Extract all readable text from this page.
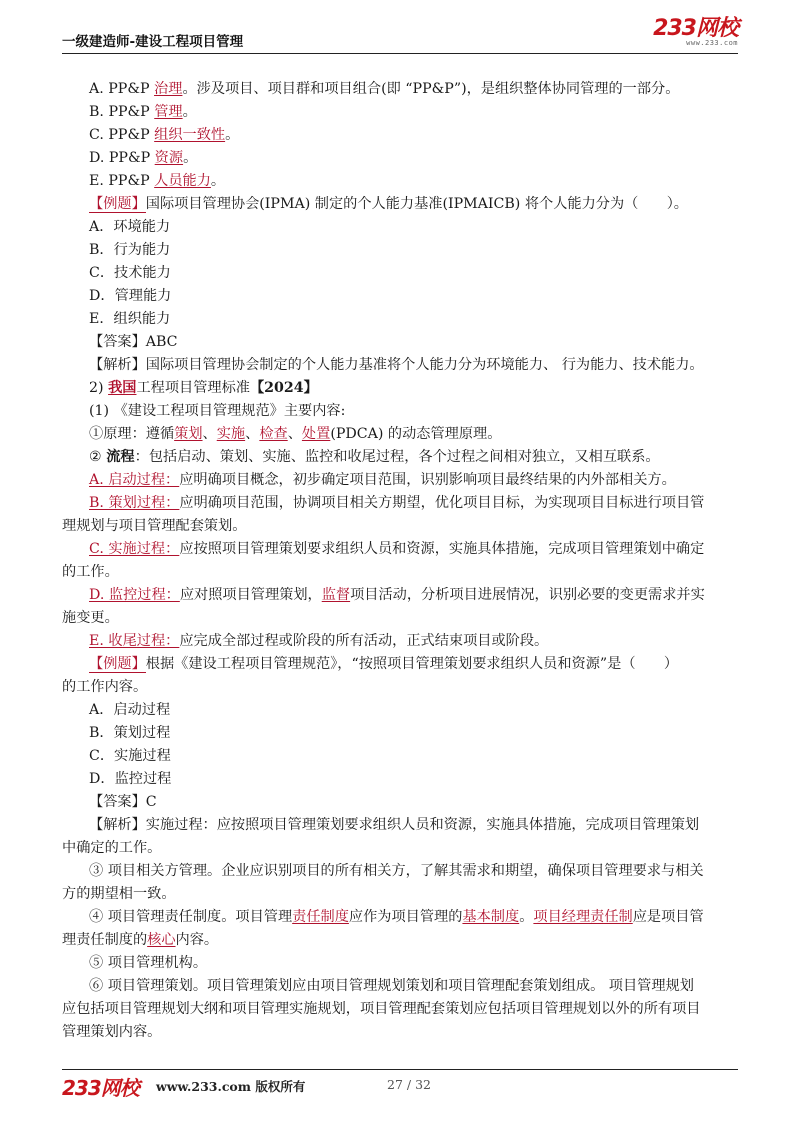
一级建造师-建设工程项目管理
233网校
www.233.com
A. PP&P 治理。涉及项目、项目群和项目组合(即 “PP&P”)，是组织整体协同管理的一部分。
B. PP&P 管理。
C. PP&P 组织一致性。
D. PP&P 资源。
E. PP&P 人员能力。
【例题】国际项目管理协会(IPMA) 制定的个人能力基准(IPMAICB) 将个人能力分为（　　）。
A．环境能力
B．行为能力
C．技术能力
D．管理能力
E．组织能力
【答案】ABC
【解析】国际项目管理协会制定的个人能力基准将个人能力分为环境能力、 行为能力、技术能力。
2) 我国工程项目管理标准【2024】
(1) 《建设工程项目管理规范》主要内容:
①原理：遵循策划、实施、检查、处置(PDCA) 的动态管理原理。
② 流程：包括启动、策划、实施、监控和收尾过程，各个过程之间相对独立，又相互联系。
A. 启动过程：应明确项目概念，初步确定项目范围，识别影响项目最终结果的内外部相关方。
B. 策划过程：应明确项目范围，协调项目相关方期望，优化项目目标，为实现项目目标进行项目管
理规划与项目管理配套策划。
C. 实施过程：应按照项目管理策划要求组织人员和资源，实施具体措施，完成项目管理策划中确定
的工作。
D. 监控过程：应对照项目管理策划，监督项目活动，分析项目进展情况，识别必要的变更需求并实
施变更。
E. 收尾过程：应完成全部过程或阶段的所有活动，正式结束项目或阶段。
【例题】根据《建设工程项目管理规范》，“按照项目管理策划要求组织人员和资源”是（　　）
的工作内容。
A．启动过程
B．策划过程
C．实施过程
D．监控过程
【答案】C
【解析】实施过程：应按照项目管理策划要求组织人员和资源，实施具体措施，完成项目管理策划
中确定的工作。
③ 项目相关方管理。企业应识别项目的所有相关方，了解其需求和期望，确保项目管理要求与相关
方的期望相一致。
④ 项目管理责任制度。项目管理责任制度应作为项目管理的基本制度。项目经理责任制应是项目管
理责任制度的核心内容。
⑤ 项目管理机构。
⑥ 项目管理策划。项目管理策划应由项目管理规划策划和项目管理配套策划组成。 项目管理规划
应包括项目管理规划大纲和项目管理实施规划，项目管理配套策划应包括项目管理规划以外的所有项目
管理策划内容。
233网校 www.233.com 版权所有	27 / 32
